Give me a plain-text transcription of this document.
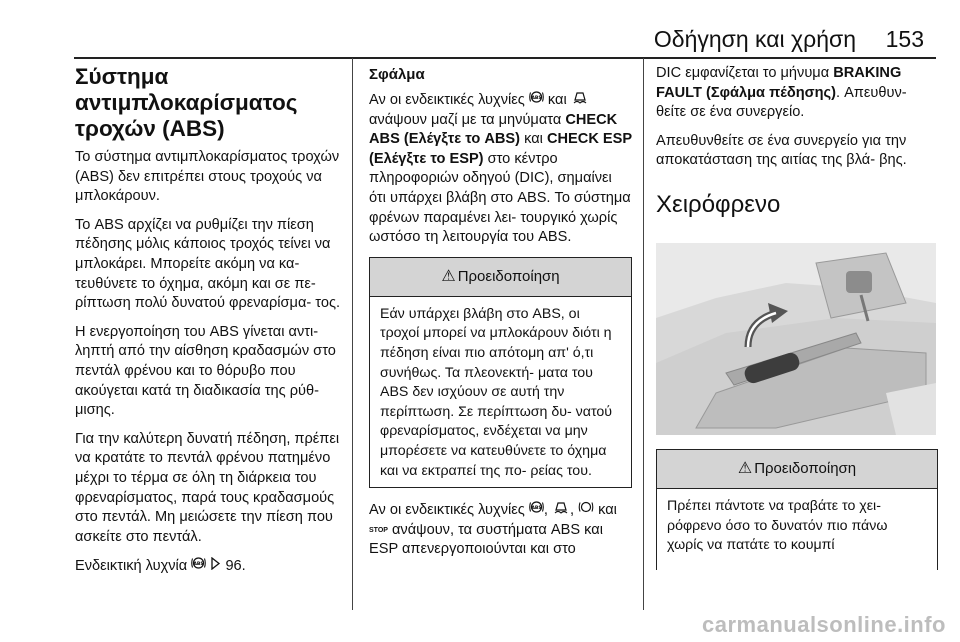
Οδήγηση και χρήση 153
Σύστημα αντιμπλοκαρίσματος τροχών (ABS)

Το σύστημα αντιμπλοκαρίσματος τροχών (ABS) δεν επιτρέπει στους τροχούς να μπλοκάρουν.

Το ABS αρχίζει να ρυθμίζει την πίεση πέδησης μόλις κάποιος τροχός τείνει να μπλοκάρει. Μπορείτε ακόμη να κα- τευθύνετε το όχημα, ακόμη και σε πε- ρίπτωση πολύ δυνατού φρεναρίσμα- τος.

Η ενεργοποίηση του ABS γίνεται αντι- ληπτή από την αίσθηση κραδασμών στο πεντάλ φρένου και το θόρυβο που ακούγεται κατά τη διαδικασία της ρύθ- μισης.

Για την καλύτερη δυνατή πέδηση, πρέπει να κρατάτε το πεντάλ φρένου πατημένο μέχρι το τέρμα σε όλη τη διάρκεια του φρεναρίσματος, παρά τους κραδασμούς στο πεντάλ. Μη μειώσετε την πίεση που ασκείτε στο πεντάλ.

Ενδεικτική λυχνία ABS 96.

Σφάλμα

Αν οι ενδεικτικές λυχνίες ABS και  ανάψουν μαζί με τα μηνύματα CHECK ABS (Ελέγξτε το ABS) και CHECK ESP (Ελέγξτε το ESP) στο κέντρο πληροφοριών οδηγού (DIC), σημαίνει ότι υπάρχει βλάβη στο ABS. Το σύστημα φρένων παραμένει λει- τουργικό χωρίς ωστόσο τη λειτουργία του ABS.

⚠ Προειδοποίηση
Εάν υπάρχει βλάβη στο ABS, οι τροχοί μπορεί να μπλοκάρουν διότι η πέδηση είναι πιο απότομη απ' ό,τι συνήθως. Τα πλεονεκτή- ματα του ABS δεν ισχύουν σε αυτή την περίπτωση. Σε περίπτωση δυ- νατού φρεναρίσματος, ενδέχεται να μην μπορέσετε να κατευθύνετε το όχημα και να εκτραπεί της πο- ρείας του.

Αν οι ενδεικτικές λυχνίες ABS , ,  και STOP ανάψουν, τα συστήματα ABS και ESP απενεργοποιούνται και στο

DIC εμφανίζεται το μήνυμα BRAKING FAULT (Σφάλμα πέδησης). Απευθυν- θείτε σε ένα συνεργείο.

Απευθυνθείτε σε ένα συνεργείο για την αποκατάσταση της αιτίας της βλά- βης.

Χειρόφρενο
⚠ Προειδοποίηση
Πρέπει πάντοτε να τραβάτε το χει- ρόφρενο όσο το δυνατόν πιο πάνω χωρίς να πατάτε το κουμπί
carmanualsonline.info
